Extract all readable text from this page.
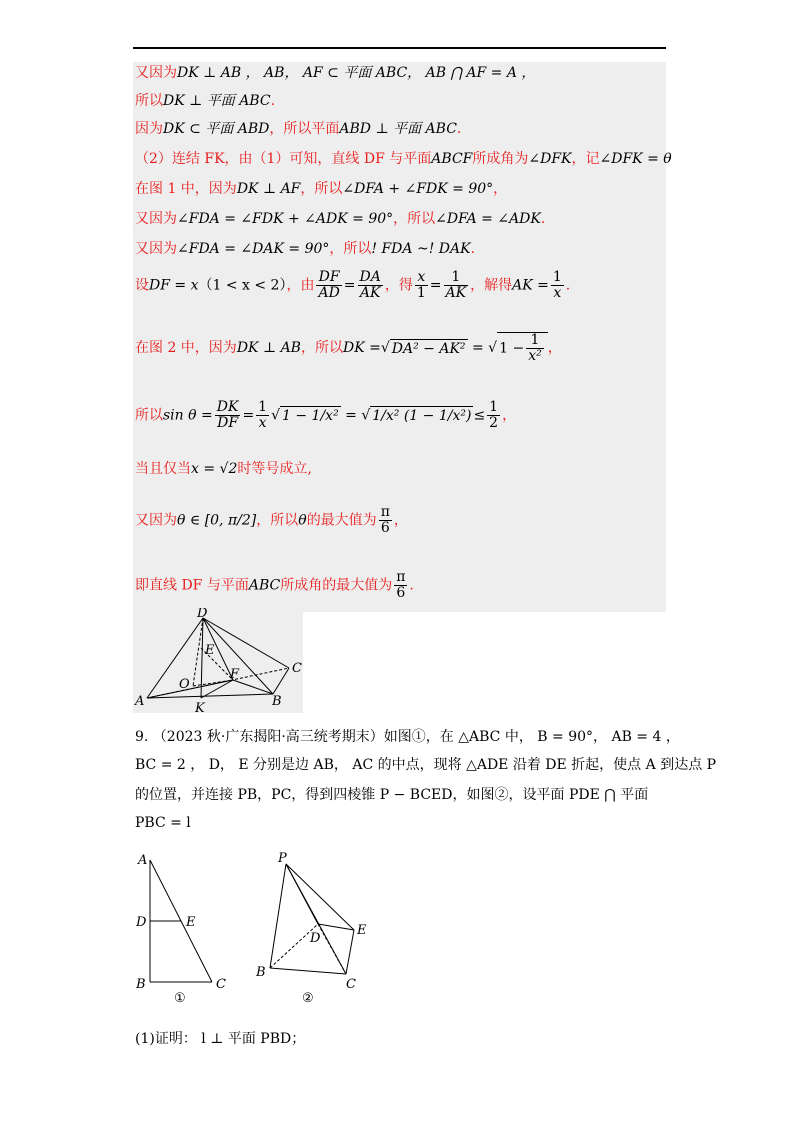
又因为DK ⊥ AB ， AB， AF ⊂ 平面 ABC， AB ⋂ AF = A ，
所以DK ⊥ 平面 ABC.
因为DK ⊂ 平面 ABD，所以平面ABD ⊥ 平面 ABC.
（2）连结 FK，由（1）可知，直线 DF 与平面ABCF所成角为∠DFK，记∠DFK = θ
在图 1 中，因为DK ⊥ AF，所以∠DFA + ∠FDK = 90°，
又因为∠FDA = ∠FDK + ∠ADK = 90°，所以∠DFA = ∠ADK.
又因为∠FDA = ∠DAK = 90°，所以! FDA ~! DAK.
设DF = x（1 < x < 2），由 $\frac{DF}{AD} = \frac{DA}{AK}$ ，得 $\frac{x}{1} = \frac{1}{AK}$ ，解得AK = $\frac{1}{x}$ .
在图 2 中，因为DK ⊥ AB，所以DK =√ DA² − AK² = √ $1 - \frac{1}{\text{x²}}$ ，
所以$\sin \theta = \frac{DK}{DF} = \frac{1}{x}$ √ 1 − 1/x² = √ 1/x² $(1 - 1/x^2) \le \frac{1}{2}$ ，
当且仅当x = √2时等号成立,
又因为θ ∈ [0, π/2]，所以θ的最大值为 $\frac{\pi}{6}$ ，
即直线 DF 与平面ABC所成角的最大值为 $\frac{\pi}{6}$ .
D
E
C
O
F
A	K	B
9. （2023 秋·广东揭阳·高三统考期末）如图①，在 △ABC 中， B = 90°， AB = 4 ，
BC = 2 ， D， E 分别是边 AB， AC 的中点，现将 △ADE 沿着 DE 折起，使点 A 到达点 P
的位置，并连接 PB，PC，得到四棱锥 P − BCED，如图②，设平面 PDE ⋂ 平面
PBC = l
A
D	E
B	C
①
P
E
D
B
C
②
(1)证明： l ⊥ 平面 PBD；
